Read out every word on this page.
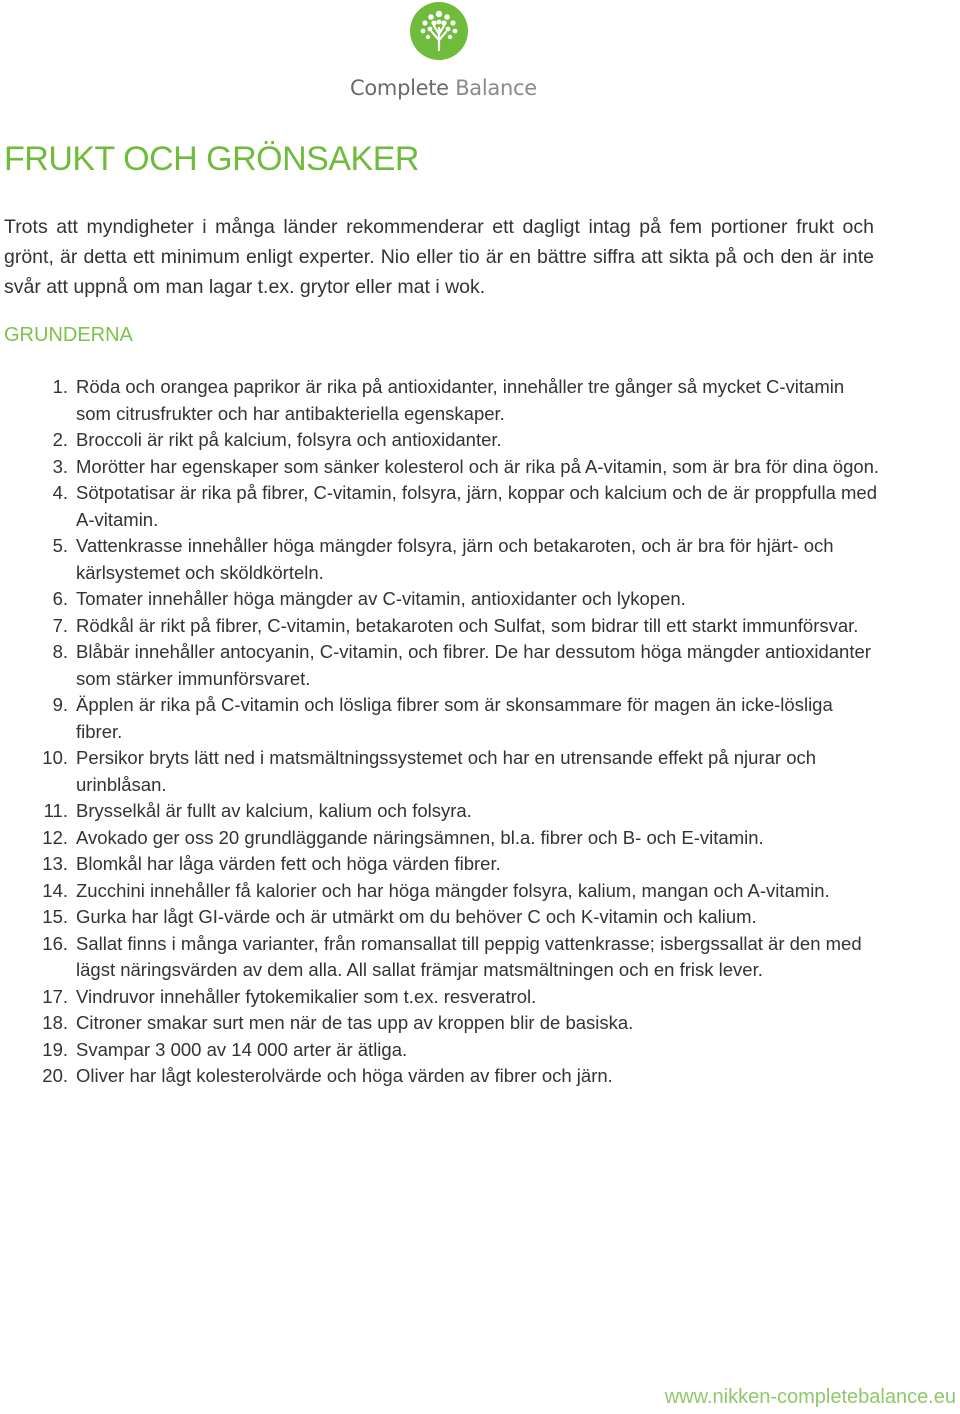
Complete Balance
FRUKT OCH GRÖNSAKER

Trots att myndigheter i många länder rekommenderar ett dagligt intag på fem portioner frukt och grönt, är detta ett minimum enligt experter. Nio eller tio är en bättre siffra att sikta på och den är inte svår att uppnå om man lagar t.ex. grytor eller mat i wok.

GRUNDERNA
1. Röda och orangea paprikor är rika på antioxidanter, innehåller tre gånger så mycket C-vitamin som citrusfrukter och har antibakteriella egenskaper.
2. Broccoli är rikt på kalcium, folsyra och antioxidanter.
3. Morötter har egenskaper som sänker kolesterol och är rika på A-vitamin, som är bra för dina ögon.
4. Sötpotatisar är rika på fibrer, C-vitamin, folsyra, järn, koppar och kalcium och de är proppfulla med A-vitamin.
5. Vattenkrasse innehåller höga mängder folsyra, järn och betakaroten, och är bra för hjärt- och kärlsystemet och sköldkörteln.
6. Tomater innehåller höga mängder av C-vitamin, antioxidanter och lykopen.
7. Rödkål är rikt på fibrer, C-vitamin, betakaroten och Sulfat, som bidrar till ett starkt immunförsvar.
8. Blåbär innehåller antocyanin, C-vitamin, och fibrer. De har dessutom höga mängder antioxidanter som stärker immunförsvaret.
9. Äpplen är rika på C-vitamin och lösliga fibrer som är skonsammare för magen än icke-lösliga fibrer.
10. Persikor bryts lätt ned i matsmältningssystemet och har en utrensande effekt på njurar och urinblåsan.
11. Brysselkål är fullt av kalcium, kalium och folsyra.
12. Avokado ger oss 20 grundläggande näringsämnen, bl.a. fibrer och B- och E-vitamin.
13. Blomkål har låga värden fett och höga värden fibrer.
14. Zucchini innehåller få kalorier och har höga mängder folsyra, kalium, mangan och A-vitamin.
15. Gurka har lågt GI-värde och är utmärkt om du behöver C och K-vitamin och kalium.
16. Sallat finns i många varianter, från romansallat till peppig vattenkrasse; isbergssallat är den med lägst näringsvärden av dem alla. All sallat främjar matsmältningen och en frisk lever.
17. Vindruvor innehåller fytokemikalier som t.ex. resveratrol.
18. Citroner smakar surt men när de tas upp av kroppen blir de basiska.
19. Svampar 3 000 av 14 000 arter är ätliga.
20. Oliver har lågt kolesterolvärde och höga värden av fibrer och järn.
www.nikken-completebalance.eu
